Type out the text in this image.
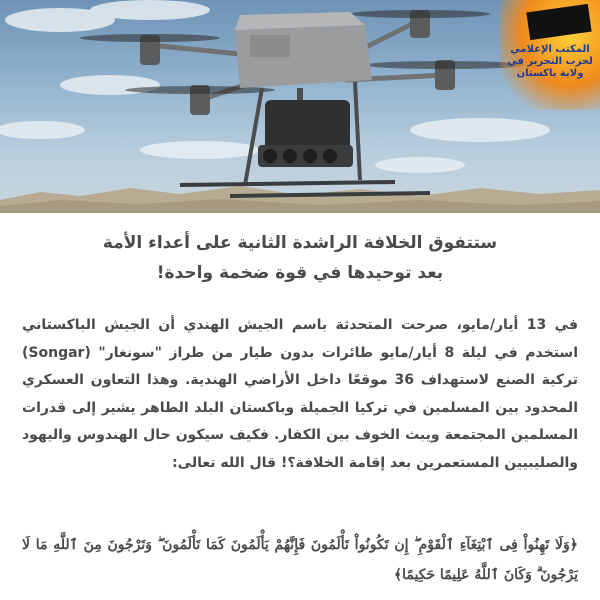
المكتب الإعلامي لحزب التحرير في ولاية باكستان
ستتفوق الخلافة الراشدة الثانية على أعداء الأمة
بعد توحيدها في قوة ضخمة واحدة!
في 13 أيار/مايو، صرحت المتحدثة باسم الجيش الهندي أن الجيش الباكستاني استخدم في ليلة 8 أيار/مايو طائرات بدون طيار من طراز "سونغار" (Songar) تركية الصنع لاستهداف 36 موقعًا داخل الأراضي الهندية. وهذا التعاون العسكري المحدود بين المسلمين في تركيا الجميلة وباكستان البلد الطاهر يشير إلى قدرات المسلمين المجتمعة ويبث الخوف بين الكفار. فكيف سيكون حال الهندوس واليهود والصليبيين المستعمرين بعد إقامة الخلافة؟! قال الله تعالى:
﴿وَلَا تَهِنُواْ فِى ٱبْتِغَآءِ ٱلْقَوْمِ ۖ إِن تَكُونُواْ تَأْلَمُونَ فَإِنَّهُمْ يَأْلَمُونَ كَمَا تَأْلَمُونَ ۖ وَتَرْجُونَ مِنَ ٱللَّهِ مَا لَا يَرْجُونَ ۗ وَكَانَ ٱللَّهُ عَلِيمًا حَكِيمًا﴾
